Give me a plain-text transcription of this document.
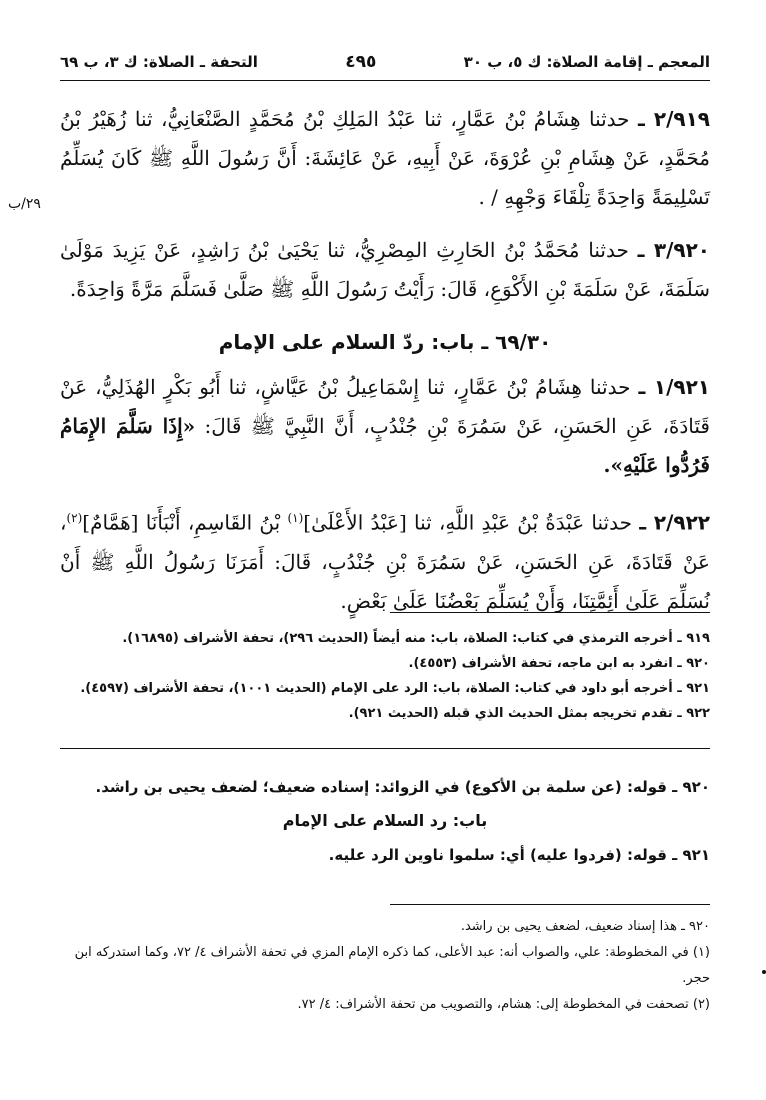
المعجم ـ إقامة الصلاة: ك ٥، ب ٣٠
٤٩٥
التحفة ـ الصلاة: ك ٣، ب ٦٩
٢٩/ب

٢/٩١٩ ـ حدثنا هِشَامُ بْنُ عَمَّارٍ، ثنا عَبْدُ المَلِكِ بْنُ مُحَمَّدٍ الصَّنْعَانِيُّ، ثنا زُهَيْرُ بْنُ مُحَمَّدٍ، عَنْ هِشَامِ بْنِ عُرْوَةَ، عَنْ أَبِيهِ، عَنْ عَائِشَةَ: أَنَّ رَسُولَ اللَّهِ ﷺ كَانَ يُسَلِّمُ تَسْلِيمَةً وَاحِدَةً تِلْقَاءَ وَجْهِهِ / .

٣/٩٢٠ ـ حدثنا مُحَمَّدُ بْنُ الحَارِثِ المِصْرِيُّ، ثنا يَحْيَىٰ بْنُ رَاشِدٍ، عَنْ يَزِيدَ مَوْلَىٰ سَلَمَةَ، عَنْ سَلَمَةَ بْنِ الأَكْوَعِ، قَالَ: رَأَيْتُ رَسُولَ اللَّهِ ﷺ صَلَّىٰ فَسَلَّمَ مَرَّةً وَاحِدَةً.

٦٩/٣٠ ـ باب: ردّ السلام على الإمام

١/٩٢١ ـ حدثنا هِشَامُ بْنُ عَمَّارٍ، ثنا إِسْمَاعِيلُ بْنُ عَيَّاشٍ، ثنا أَبُو بَكْرٍ الهُذَلِيُّ، عَنْ قَتَادَةَ، عَنِ الحَسَنِ، عَنْ سَمُرَةَ بْنِ جُنْدُبٍ، أَنَّ النَّبِيَّ ﷺ قَالَ: «إِذَا سَلَّمَ الإِمَامُ فَرُدُّوا عَلَيْهِ».

٢/٩٢٢ ـ حدثنا عَبْدَةُ بْنُ عَبْدِ اللَّهِ، ثنا [عَبْدُ الأَعْلَىٰ]$^{(١)}$ بْنُ القَاسِمِ، أَنْبَأَنَا [هَمَّامٌ]$^{(٢)}$، عَنْ قَتَادَةَ، عَنِ الحَسَنِ، عَنْ سَمُرَةَ بْنِ جُنْدُبٍ، قَالَ: أَمَرَنَا رَسُولُ اللَّهِ ﷺ أَنْ نُسَلِّمَ عَلَىٰ أَئِمَّتِنَا، وَأَنْ يُسَلِّمَ بَعْضُنَا عَلَىٰ بَعْضٍ.

٩١٩ ـ أخرجه الترمذي في كتاب: الصلاة، باب: منه أيضاً (الحديث ٢٩٦)، تحفة الأشراف (١٦٨٩٥).
٩٢٠ ـ انفرد به ابن ماجه، تحفة الأشراف (٤٥٥٣).
٩٢١ ـ أخرجه أبو داود في كتاب: الصلاة، باب: الرد على الإمام (الحديث ١٠٠١)، تحفة الأشراف (٤٥٩٧).
٩٢٢ ـ تقدم تخريجه بمثل الحديث الذي قبله (الحديث ٩٢١).
٩٢٠ ـ قوله: (عن سلمة بن الأكوع) في الزوائد: إسناده ضعيف؛ لضعف يحيى بن راشد.
باب: رد السلام على الإمام
٩٢١ ـ قوله: (فردوا عليه) أي: سلموا ناوين الرد عليه.
٩٢٠ ـ هذا إسناد ضعيف، لضعف يحيى بن راشد.
(١) في المخطوطة: علي، والصواب أنه: عبد الأعلى، كما ذكره الإمام المزي في تحفة الأشراف ٤/ ٧٢، وكما استدركه ابن حجر.
(٢) تصحفت في المخطوطة إلى: هشام، والتصويب من تحفة الأشراف: ٤/ ٧٢.
